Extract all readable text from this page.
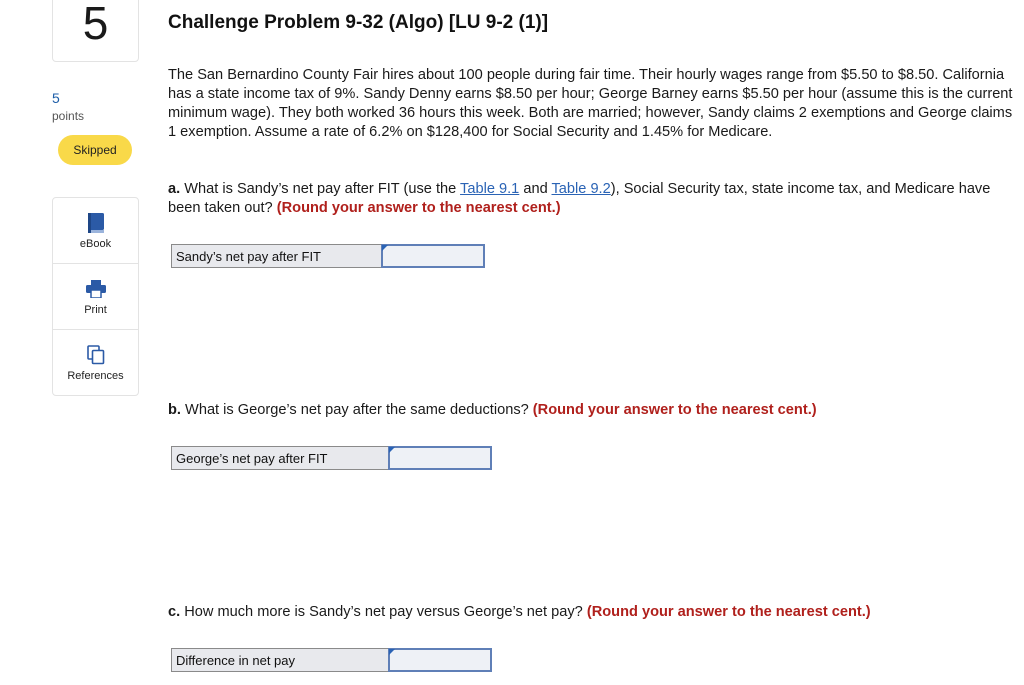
5
5
points
Skipped
eBook
Print
References
Challenge Problem 9-32 (Algo) [LU 9-2 (1)]
The San Bernardino County Fair hires about 100 people during fair time. Their hourly wages range from $5.50 to $8.50. California has a state income tax of 9%. Sandy Denny earns $8.50 per hour; George Barney earns $5.50 per hour (assume this is the current minimum wage). They both worked 36 hours this week. Both are married; however, Sandy claims 2 exemptions and George claims 1 exemption. Assume a rate of 6.2% on $128,400 for Social Security and 1.45% for Medicare.
a. What is Sandy’s net pay after FIT (use the Table 9.1 and Table 9.2), Social Security tax, state income tax, and Medicare have been taken out? (Round your answer to the nearest cent.)
Sandy’s net pay after FIT
b. What is George’s net pay after the same deductions? (Round your answer to the nearest cent.)
George’s net pay after FIT
c. How much more is Sandy’s net pay versus George’s net pay? (Round your answer to the nearest cent.)
Difference in net pay
